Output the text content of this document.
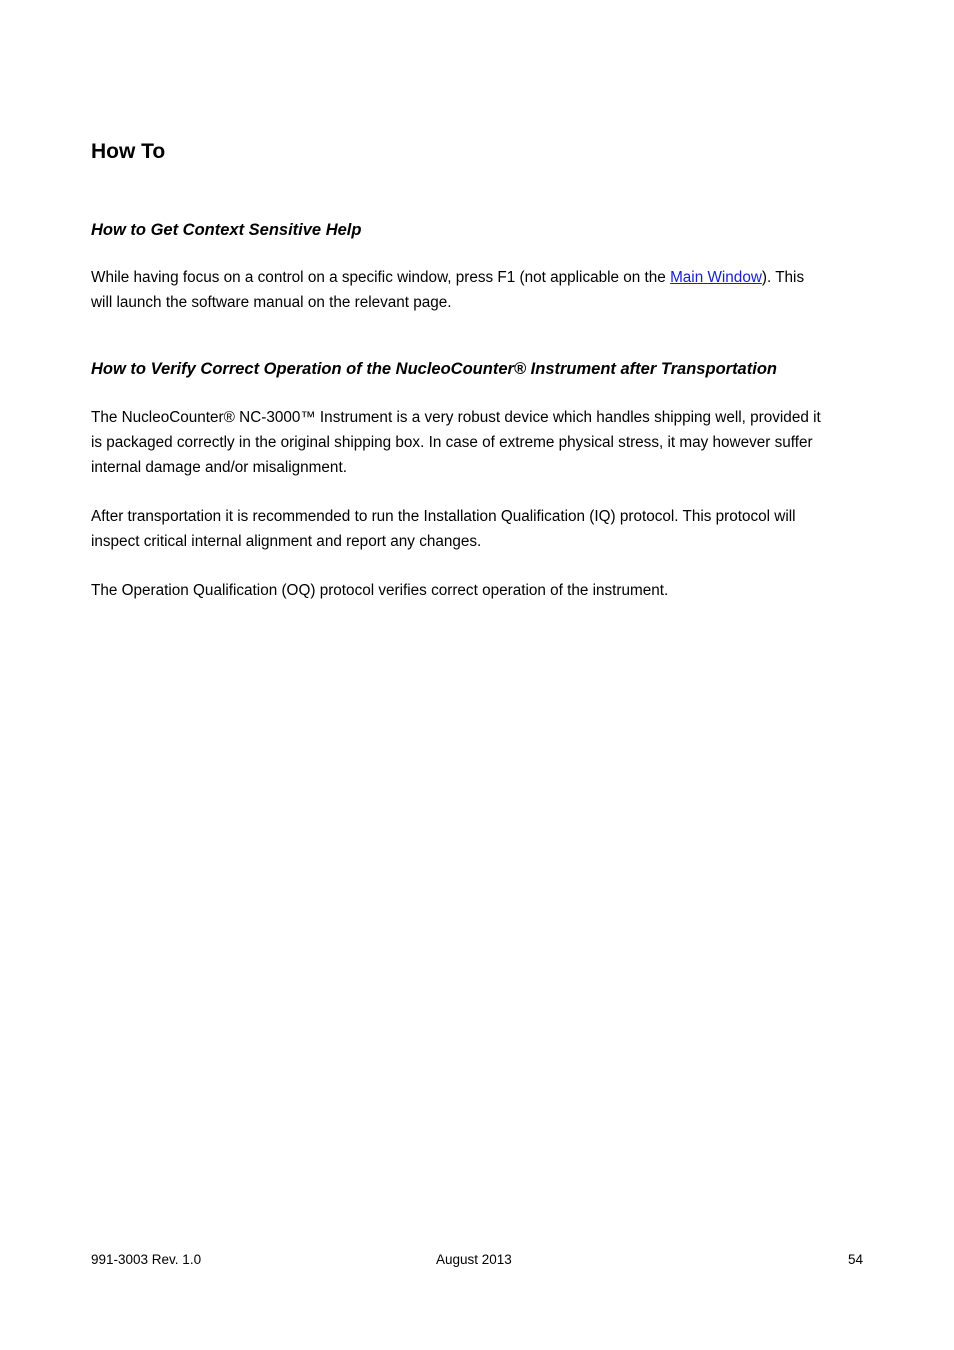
How To
How to Get Context Sensitive Help

While having focus on a control on a specific window, press F1 (not applicable on the Main Window). This
will launch the software manual on the relevant page.

How to Verify Correct Operation of the NucleoCounter® Instrument after Transportation

The NucleoCounter® NC-3000™ Instrument is a very robust device which handles shipping well, provided it
is packaged correctly in the original shipping box. In case of extreme physical stress, it may however suffer
internal damage and/or misalignment.

After transportation it is recommended to run the Installation Qualification (IQ) protocol. This protocol will
inspect critical internal alignment and report any changes.

The Operation Qualification (OQ) protocol verifies correct operation of the instrument.

991-3003 Rev. 1.0	August 2013	54
